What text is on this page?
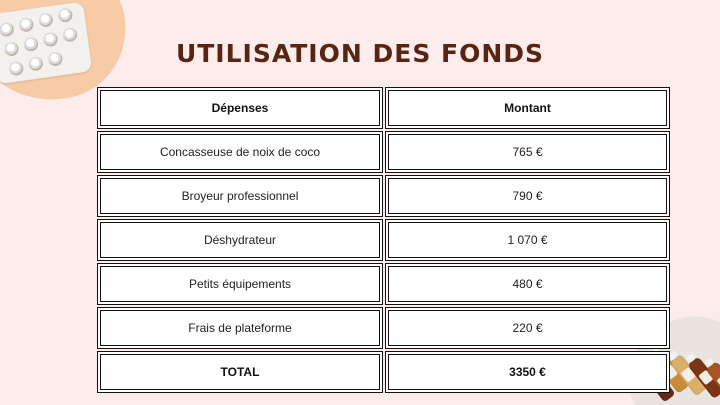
UTILISATION DES FONDS
Dépenses	Montant
Concasseuse de noix de coco	765 €
Broyeur professionnel	790 €
Déshydrateur	1 070 €
Petits équipements	480 €
Frais de plateforme	220 €
TOTAL	3350 €
